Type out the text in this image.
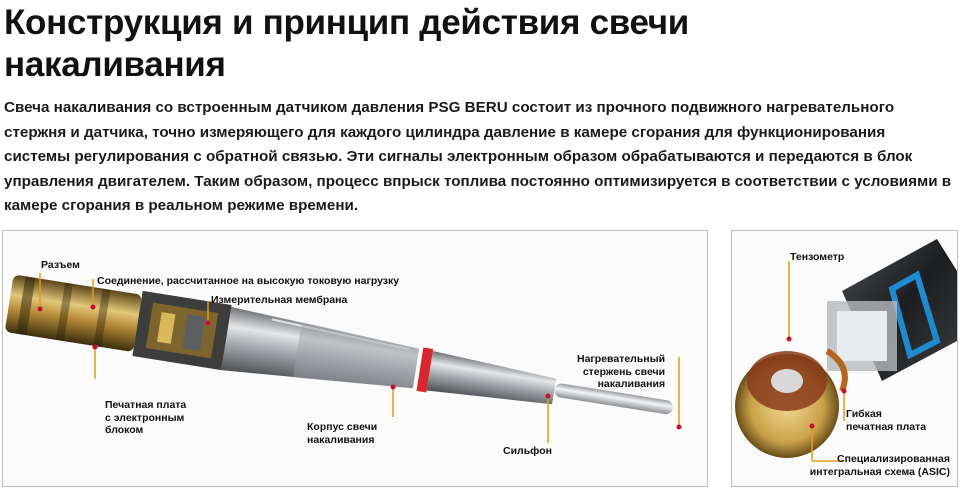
Конструкция и принцип действия свечи накаливания
Свеча накаливания со встроенным датчиком давления PSG BERU состоит из прочного подвижного нагревательного стержня и датчика, точно измеряющего для каждого цилиндра давление в камере сгорания для функционирования системы регулирования с обратной связью. Эти сигналы электронным образом обрабатываются и передаются в блок управления двигателем. Таким образом, процесс впрыск топлива постоянно оптимизируется в соответствии с условиями в камере сгорания в реальном режиме времени.
Разъем
Соединение, рассчитанное на высокую токовую нагрузку
Измерительная мембрана
Печатная плата
с электронным
блоком	Корпус свечи
накаливания
Сильфон
Нагревательный
стержень свечи
накаливания
Тензометр
Гибкая
печатная плата
Специализированная
интегральная схема (ASIC)
